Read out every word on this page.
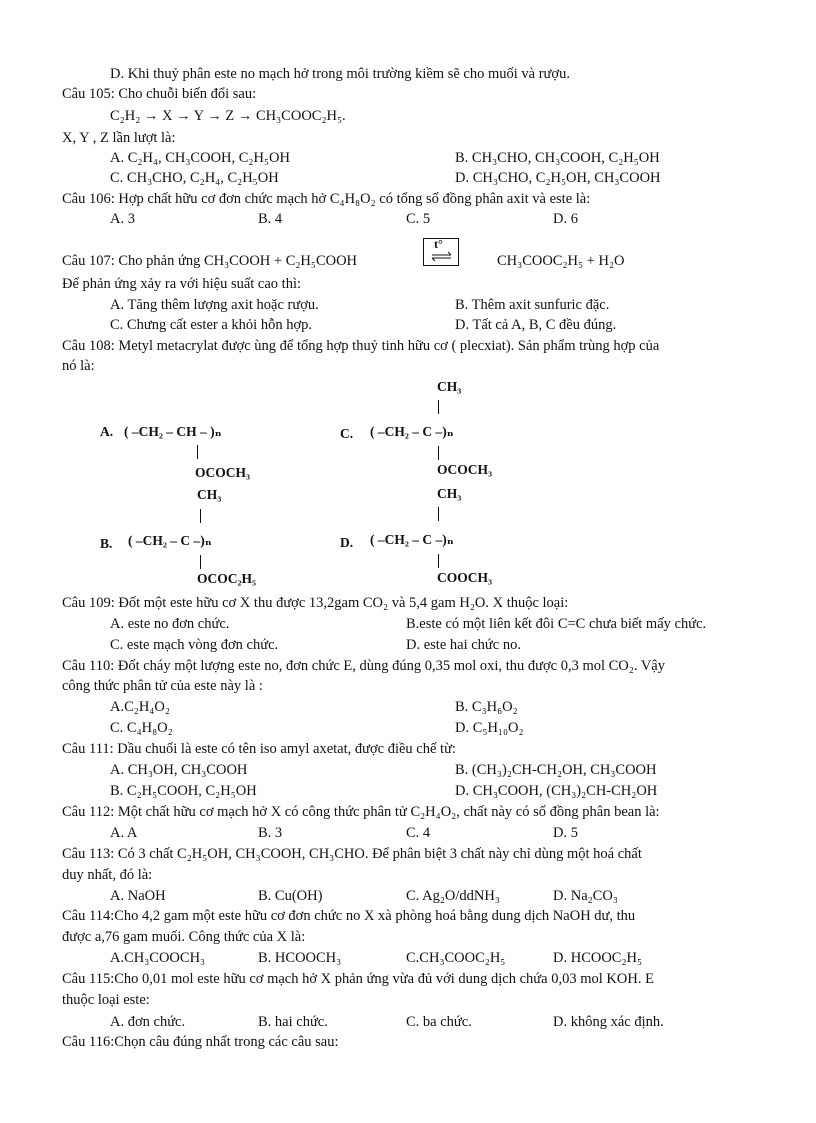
D. Khi thuỷ phân este no mạch hở trong môi trường kiềm sẽ cho muối và rượu.
Câu 105: Cho chuỗi biến đổi sau:
C₂H₂ → X → Y → Z → CH₃COOC₂H₅.
X, Y , Z lần lượt là:
A. C₂H₄, CH₃COOH, C₂H₅OH	B. CH₃CHO, CH₃COOH, C₂H₅OH
C. CH₃CHO, C₂H₄, C₂H₅OH	D. CH₃CHO, C₂H₅OH, CH₃COOH
Câu 106: Hợp chất hữu cơ đơn chức mạch hở C₄H₈O₂ có tổng số đồng phân axit và este là:
A. 3	B. 4	C. 5	D. 6
Câu 107: Cho phản ứng CH₃COOH + C₂H₅COOH
t°
CH₃COOC₂H₅ + H₂O
Để phản ứng xảy ra với hiệu suất cao thì:
A. Tăng thêm lượng axit hoặc rượu.	B. Thêm axit sunfuric đặc.
C. Chưng cất ester a khỏi hỗn hợp.	D. Tất cả A, B, C đều đúng.
Câu 108: Metyl metacrylat được ùng để tổng hợp thuỷ tinh hữu cơ ( plecxiat). Sản phẩm trùng hợp của
nó là:
A. ( –CH₂ – CH – )ₙ
OCOCH₃
CH₃
C. ( –CH₂ – C –)ₙ
OCOCH₃
CH₃
B. ( –CH₂ – C –)ₙ
OCOC₂H₅
CH₃
D. ( –CH₂ – C –)ₙ
COOCH₃
Câu 109: Đốt một este hữu cơ X thu được 13,2gam CO₂ và 5,4 gam H₂O. X thuộc loại:
A. este no đơn chức.	B.este có một liên kết đôi C=C chưa biết mấy chức.
C. este mạch vòng đơn chức.	D. este hai chức no.
Câu 110: Đốt cháy một lượng este no, đơn chức E, dùng đúng 0,35 mol oxi, thu được 0,3 mol CO₂. Vậy
công thức phân tử của este này là :
A.C₂H₄O₂	B. C₃H₆O₂
C. C₄H₈O₂	D. C₅H₁₀O₂
Câu 111: Dầu chuối là este có tên iso amyl axetat, được điều chế từ:
A. CH₃OH, CH₃COOH	B. (CH₃)₂CH-CH₂OH, CH₃COOH
B. C₂H₅COOH, C₂H₅OH	D. CH₃COOH, (CH₃)₂CH-CH₂OH
Câu 112: Một chất hữu cơ mạch hở X có công thức phân tử C₂H₄O₂, chất này có số đồng phân bean là:
A. A	B. 3	C. 4	D. 5
Câu 113: Có 3 chất C₂H₅OH, CH₃COOH, CH₃CHO. Để phân biệt 3 chất này chỉ dùng một hoá chất
duy nhất, đó là:
A. NaOH	B. Cu(OH)	C. Ag₂O/ddNH₃	D. Na₂CO₃
Câu 114:Cho 4,2 gam một este hữu cơ đơn chức no X xà phòng hoá bằng dung dịch NaOH dư, thu
được a,76 gam muối. Công thức của X là:
A.CH₃COOCH₃	B. HCOOCH₃	C.CH₃COOC₂H₅	D. HCOOC₂H₅
Câu 115:Cho 0,01 mol este hữu cơ mạch hở X phản ứng vừa đủ với dung dịch chứa 0,03 mol KOH. E
thuộc loại este:
A. đơn chức.	B. hai chức.	C. ba chức.	D. không xác định.
Câu 116:Chọn câu đúng nhất trong các câu sau:
